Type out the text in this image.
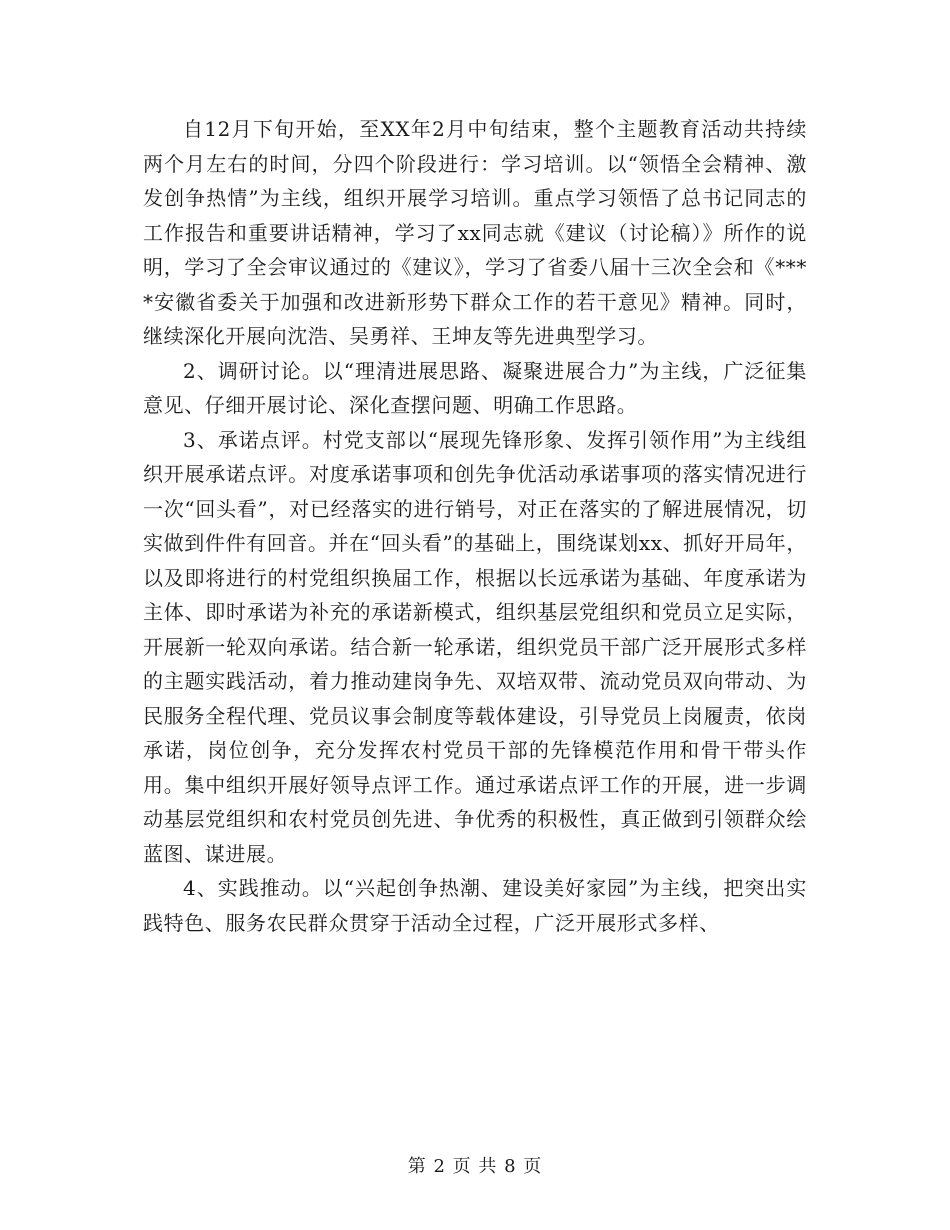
自12月下旬开始，至XX年2月中旬结束，整个主题教育活动共持续两个月左右的时间，分四个阶段进行：学习培训。以“领悟全会精神、激发创争热情”为主线，组织开展学习培训。重点学习领悟了总书记同志的工作报告和重要讲话精神，学习了xx同志就《建议（讨论稿）》所作的说明，学习了全会审议通过的《建议》，学习了省委八届十三次全会和《****安徽省委关于加强和改进新形势下群众工作的若干意见》精神。同时，继续深化开展向沈浩、吴勇祥、王坤友等先进典型学习。

2、调研讨论。以“理清进展思路、凝聚进展合力”为主线，广泛征集意见、仔细开展讨论、深化查摆问题、明确工作思路。

3、承诺点评。村党支部以“展现先锋形象、发挥引领作用”为主线组织开展承诺点评。对度承诺事项和创先争优活动承诺事项的落实情况进行一次“回头看”，对已经落实的进行销号，对正在落实的了解进展情况，切实做到件件有回音。并在“回头看”的基础上，围绕谋划xx、抓好开局年，以及即将进行的村党组织换届工作，根据以长远承诺为基础、年度承诺为主体、即时承诺为补充的承诺新模式，组织基层党组织和党员立足实际，开展新一轮双向承诺。结合新一轮承诺，组织党员干部广泛开展形式多样的主题实践活动，着力推动建岗争先、双培双带、流动党员双向带动、为民服务全程代理、党员议事会制度等载体建设，引导党员上岗履责，依岗承诺，岗位创争，充分发挥农村党员干部的先锋模范作用和骨干带头作用。集中组织开展好领导点评工作。通过承诺点评工作的开展，进一步调动基层党组织和农村党员创先进、争优秀的积极性，真正做到引领群众绘蓝图、谋进展。

4、实践推动。以“兴起创争热潮、建设美好家园”为主线，把突出实践特色、服务农民群众贯穿于活动全过程，广泛开展形式多样、

第 2 页 共 8 页
